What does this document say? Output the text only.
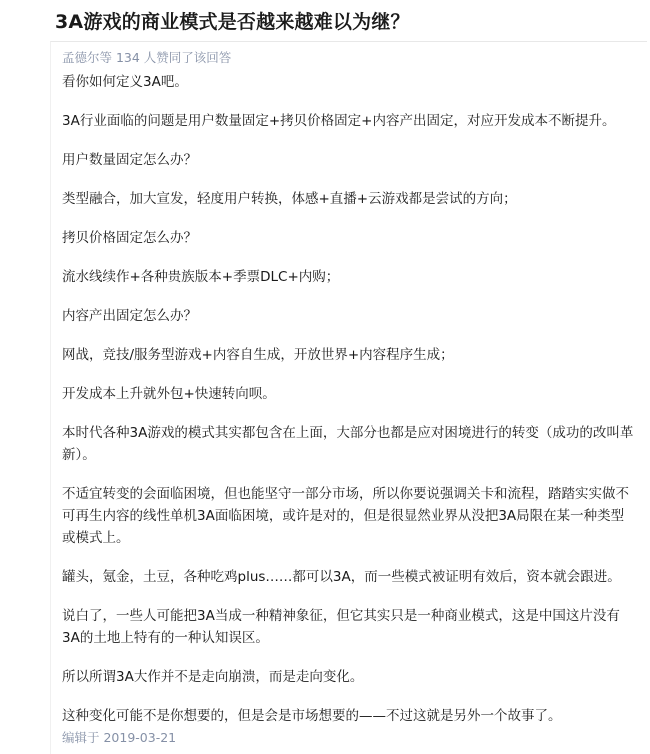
3A游戏的商业模式是否越来越难以为继？
孟德尔等 134 人赞同了该回答

看你如何定义3A吧。

3A行业面临的问题是用户数量固定+拷贝价格固定+内容产出固定，对应开发成本不断提升。

用户数量固定怎么办？

类型融合，加大宣发，轻度用户转换，体感+直播+云游戏都是尝试的方向；

拷贝价格固定怎么办？

流水线续作+各种贵族版本+季票DLC+内购；

内容产出固定怎么办？

网战，竞技/服务型游戏+内容自生成，开放世界+内容程序生成；

开发成本上升就外包+快速转向呗。

本时代各种3A游戏的模式其实都包含在上面，大部分也都是应对困境进行的转变（成功的改叫革新）。

不适宜转变的会面临困境，但也能坚守一部分市场，所以你要说强调关卡和流程，踏踏实实做不可再生内容的线性单机3A面临困境，或许是对的，但是很显然业界从没把3A局限在某一种类型或模式上。

罐头，氪金，土豆，各种吃鸡plus……都可以3A，而一些模式被证明有效后，资本就会跟进。

说白了，一些人可能把3A当成一种精神象征，但它其实只是一种商业模式，这是中国这片没有3A的土地上特有的一种认知误区。

所以所谓3A大作并不是走向崩溃，而是走向变化。

这种变化可能不是你想要的，但是会是市场想要的——不过这就是另外一个故事了。

编辑于 2019-03-21
